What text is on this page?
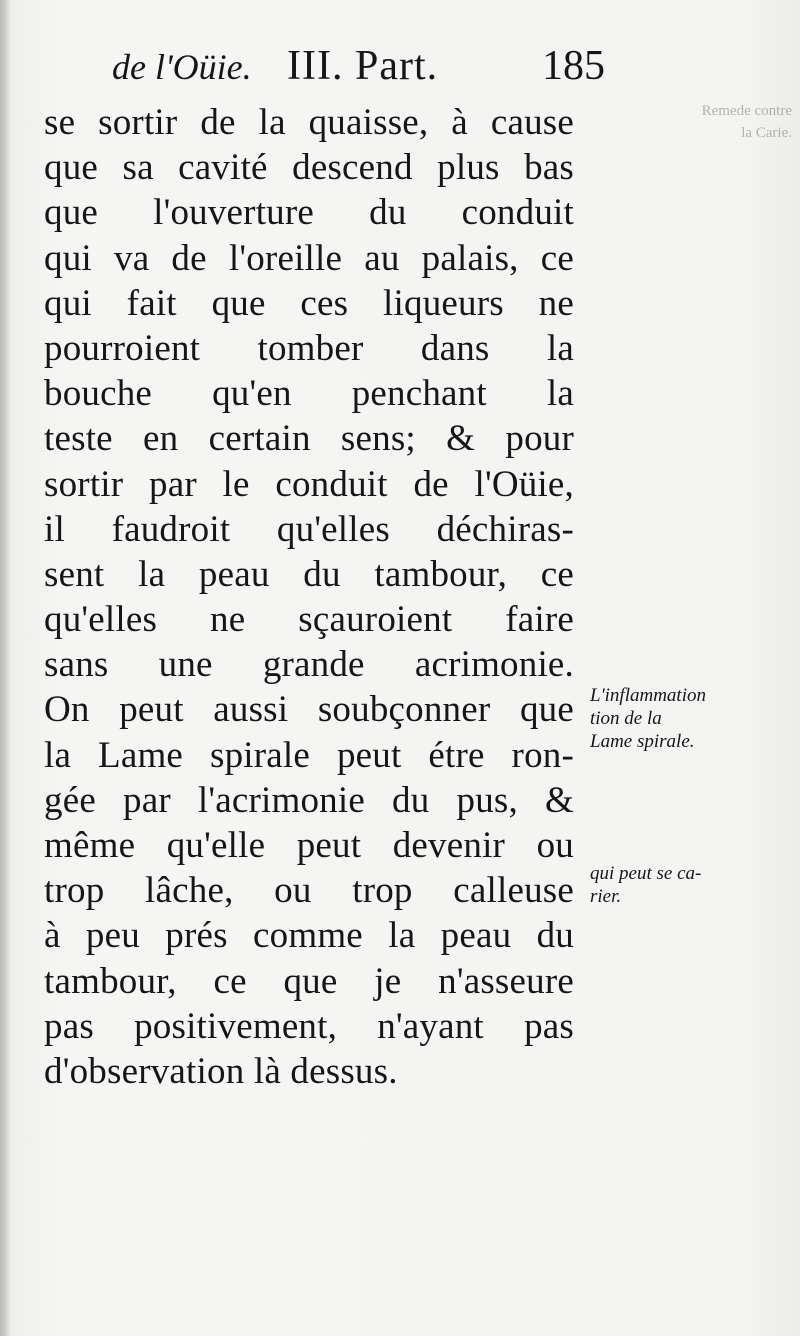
de l'Oüie. III. Part. 185
Remede contre
la Carie.
se sortir de la quaisse, à cause
que sa cavité descend plus bas
que l'ouverture du conduit
qui va de l'oreille au palais, ce
qui fait que ces liqueurs ne
pourroient tomber dans la
bouche qu'en penchant la
teste en certain sens; & pour
sortir par le conduit de l'Oüie,
il faudroit qu'elles déchiras-
sent la peau du tambour, ce
qu'elles ne sçauroient faire
sans une grande acrimonie.
On peut aussi soubçonner que
la Lame spirale peut étre ron-
gée par l'acrimonie du pus, &
même qu'elle peut devenir ou
trop lâche, ou trop calleuse
à peu prés comme la peau du
tambour, ce que je n'asseure
pas positivement, n'ayant pas
d'observation là dessus.
L'inflammation
tion de la
Lame spirale.
qui peut se ca-
rier.
